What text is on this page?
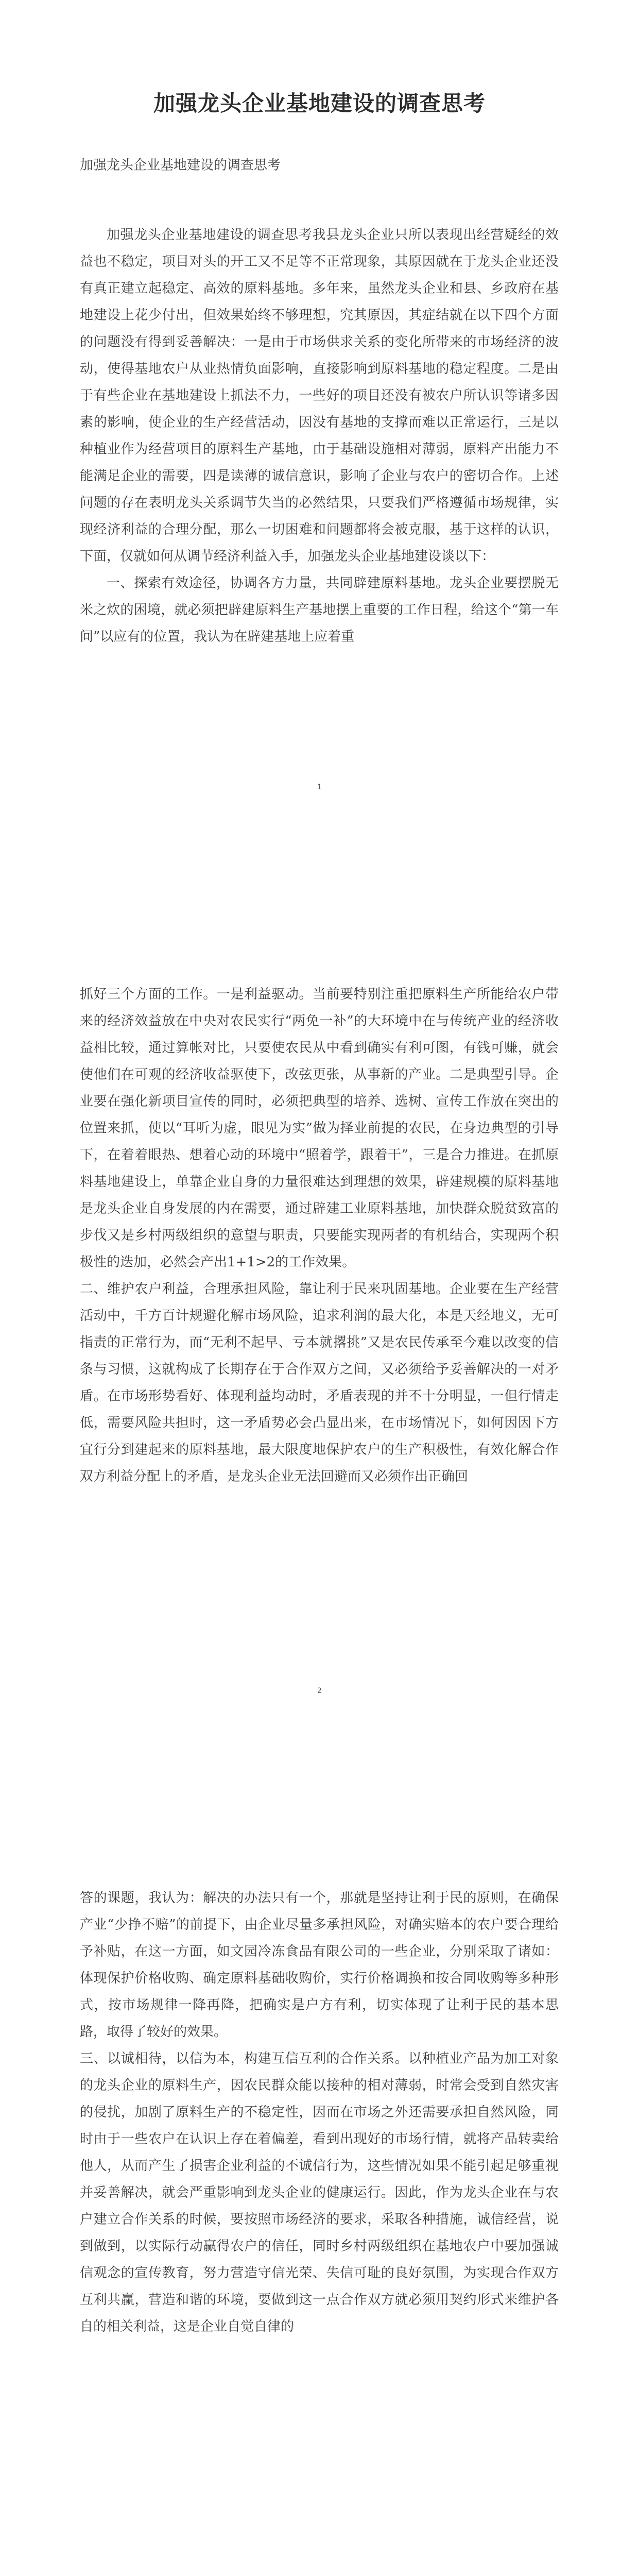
加强龙头企业基地建设的调查思考
加强龙头企业基地建设的调查思考

加强龙头企业基地建设的调查思考我县龙头企业只所以表现出经营疑经的效益也不稳定，项目对头的开工又不足等不正常现象，其原因就在于龙头企业还没有真正建立起稳定、高效的原料基地。多年来，虽然龙头企业和县、乡政府在基地建设上花少付出，但效果始终不够理想，究其原因，其症结就在以下四个方面的问题没有得到妥善解决：一是由于市场供求关系的变化所带来的市场经济的波动，使得基地农户从业热情负面影响，直接影响到原料基地的稳定程度。二是由于有些企业在基地建设上抓法不力，一些好的项目还没有被农户所认识等诸多因素的影响，使企业的生产经营活动，因没有基地的支撑而难以正常运行，三是以种植业作为经营项目的原料生产基地，由于基础设施相对薄弱，原料产出能力不能满足企业的需要，四是读薄的诚信意识，影响了企业与农户的密切合作。上述问题的存在表明龙头关系调节失当的必然结果，只要我们严格遵循市场规律，实现经济利益的合理分配，那么一切困难和问题都将会被克服，基于这样的认识，下面，仅就如何从调节经济利益入手，加强龙头企业基地建设谈以下：

一、探索有效途径，协调各方力量，共同辟建原料基地。龙头企业要摆脱无米之炊的困境，就必须把辟建原料生产基地摆上重要的工作日程，给这个“第一车间”以应有的位置，我认为在辟建基地上应着重

1

抓好三个方面的工作。一是利益驱动。当前要特别注重把原料生产所能给农户带来的经济效益放在中央对农民实行“两免一补”的大环境中在与传统产业的经济收益相比较，通过算帐对比，只要使农民从中看到确实有利可图，有钱可赚，就会使他们在可观的经济收益驱使下，改弦更张，从事新的产业。二是典型引导。企业要在强化新项目宣传的同时，必须把典型的培养、选树、宣传工作放在突出的位置来抓，使以“耳听为虚，眼见为实”做为择业前提的农民，在身边典型的引导下，在着着眼热、想着心动的环境中“照着学，跟着干”，三是合力推进。在抓原料基地建设上，单靠企业自身的力量很难达到理想的效果，辟建规模的原料基地是龙头企业自身发展的内在需要，通过辟建工业原料基地，加快群众脱贫致富的步伐又是乡村两级组织的意望与职责，只要能实现两者的有机结合，实现两个积极性的迭加，必然会产出1+1>2的工作效果。

二、维护农户利益，合理承担风险，靠让利于民来巩固基地。企业要在生产经营活动中，千方百计规避化解市场风险，追求利润的最大化，本是天经地义，无可指责的正常行为，而“无利不起早、亏本就撂挑”又是农民传承至今难以改变的信条与习惯，这就构成了长期存在于合作双方之间，又必须给予妥善解决的一对矛盾。在市场形势看好、体现利益均动时，矛盾表现的并不十分明显，一但行情走低，需要风险共担时，这一矛盾势必会凸显出来，在市场情况下，如何因因下方宜行分到建起来的原料基地，最大限度地保护农户的生产积极性，有效化解合作双方利益分配上的矛盾，是龙头企业无法回避而又必须作出正确回

2

答的课题，我认为：解决的办法只有一个，那就是坚持让利于民的原则，在确保产业“少挣不赔”的前提下，由企业尽量多承担风险，对确实赔本的农户要合理给予补贴，在这一方面，如文园冷冻食品有限公司的一些企业，分别采取了诸如：体现保护价格收购、确定原料基础收购价，实行价格调换和按合同收购等多种形式，按市场规律一降再降，把确实是户方有利，切实体现了让利于民的基本思路，取得了较好的效果。

三、以诚相待，以信为本，构建互信互利的合作关系。以种植业产品为加工对象的龙头企业的原料生产，因农民群众能以接种的相对薄弱，时常会受到自然灾害的侵扰，加剧了原料生产的不稳定性，因而在市场之外还需要承担自然风险，同时由于一些农户在认识上存在着偏差，看到出现好的市场行情，就将产品转卖给他人，从而产生了损害企业利益的不诚信行为，这些情况如果不能引起足够重视并妥善解决，就会严重影响到龙头企业的健康运行。因此，作为龙头企业在与农户建立合作关系的时候，要按照市场经济的要求，采取各种措施，诚信经营，说到做到，以实际行动赢得农户的信任，同时乡村两级组织在基地农户中要加强诚信观念的宣传教育，努力营造守信光荣、失信可耻的良好氛围，为实现合作双方互利共赢，营造和谐的环境，要做到这一点合作双方就必须用契约形式来维护各自的相关利益，这是企业自觉自律的
